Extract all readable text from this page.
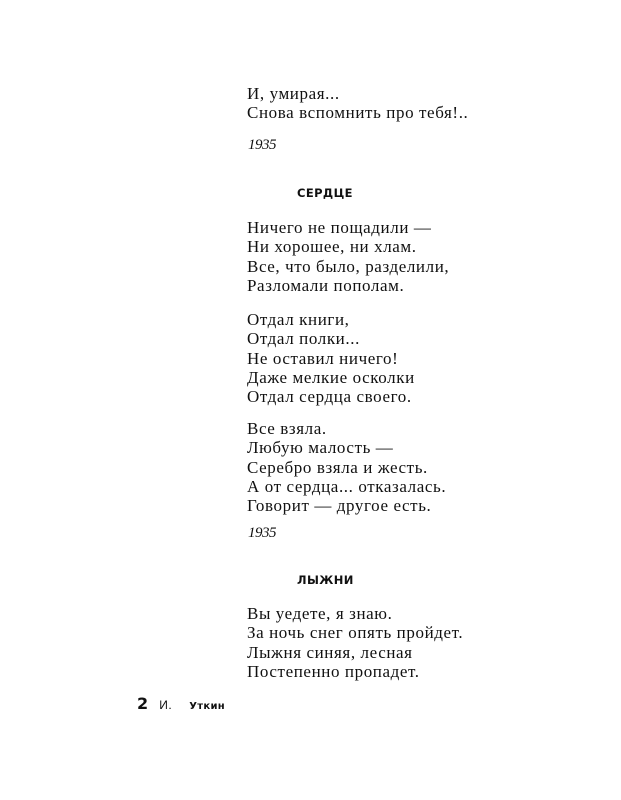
И, умирая...
Снова вспомнить про тебя!..
1935
СЕРДЦЕ
Ничего не пощадили —
Ни хорошее, ни хлам.
Все, что было, разделили,
Разломали пополам.
Отдал книги,
Отдал полки...
Не оставил ничего!
Даже мелкие осколки
Отдал сердца своего.
Все взяла.
Любую малость —
Серебро взяла и жесть.
А от сердца... отказалась.
Говорит — другое есть.
1935
ЛЫЖНИ
Вы уедете, я знаю.
За ночь снег опять пройдет.
Лыжня синяя, лесная
Постепенно пропадет.
2 И. Уткин
